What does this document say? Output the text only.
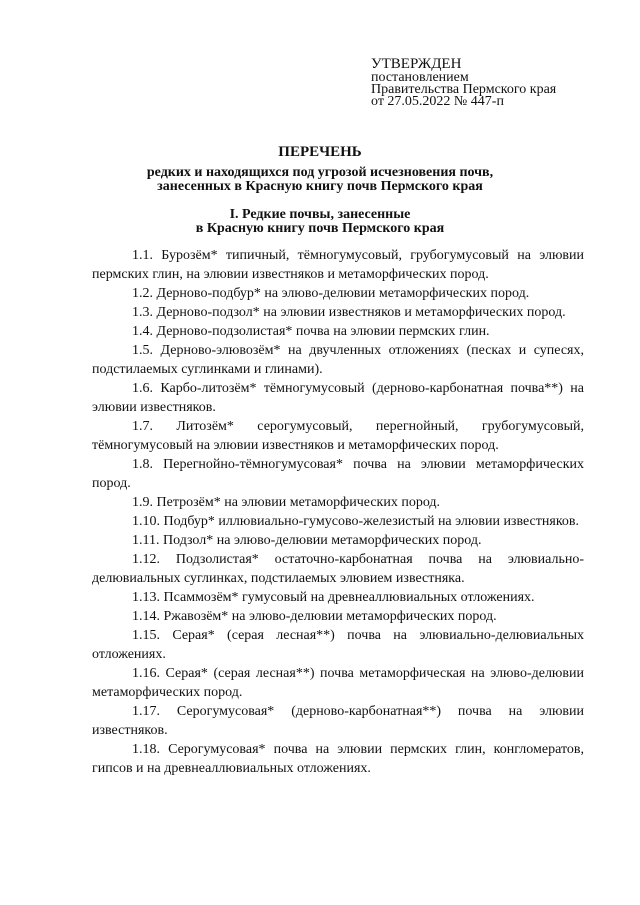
УТВЕРЖДЕН
постановлением
Правительства Пермского края
от 27.05.2022 № 447-п
ПЕРЕЧЕНЬ
редких и находящихся под угрозой исчезновения почв,
занесенных в Красную книгу почв Пермского края
I. Редкие почвы, занесенные
в Красную книгу почв Пермского края

1.1. Бурозём* типичный, тёмногумусовый, грубогумусовый на элювии пермских глин, на элювии известняков и метаморфических пород.

1.2. Дерново-подбур* на элюво-делювии метаморфических пород.

1.3. Дерново-подзол* на элювии известняков и метаморфических пород.

1.4. Дерново-подзолистая* почва на элювии пермских глин.

1.5. Дерново-элювозём* на двучленных отложениях (песках и супесях, подстилаемых суглинками и глинами).

1.6. Карбо-литозём* тёмногумусовый (дерново-карбонатная почва**) на элювии известняков.

1.7. Литозём* серогумусовый, перегнойный, грубогумусовый, тёмногумусовый на элювии известняков и метаморфических пород.

1.8. Перегнойно-тёмногумусовая* почва на элювии метаморфических пород.

1.9. Петрозём* на элювии метаморфических пород.

1.10. Подбур* иллювиально-гумусово-железистый на элювии известняков.

1.11. Подзол* на элюво-делювии метаморфических пород.

1.12. Подзолистая* остаточно-карбонатная почва на элювиально-делювиальных суглинках, подстилаемых элювием известняка.

1.13. Псаммозём* гумусовый на древнеаллювиальных отложениях.

1.14. Ржавозём* на элюво-делювии метаморфических пород.

1.15. Серая* (серая лесная**) почва на элювиально-делювиальных отложениях.

1.16. Серая* (серая лесная**) почва метаморфическая на элюво-делювии метаморфических пород.

1.17. Серогумусовая* (дерново-карбонатная**) почва на элювии известняков.

1.18. Серогумусовая* почва на элювии пермских глин, конгломератов, гипсов и на древнеаллювиальных отложениях.
